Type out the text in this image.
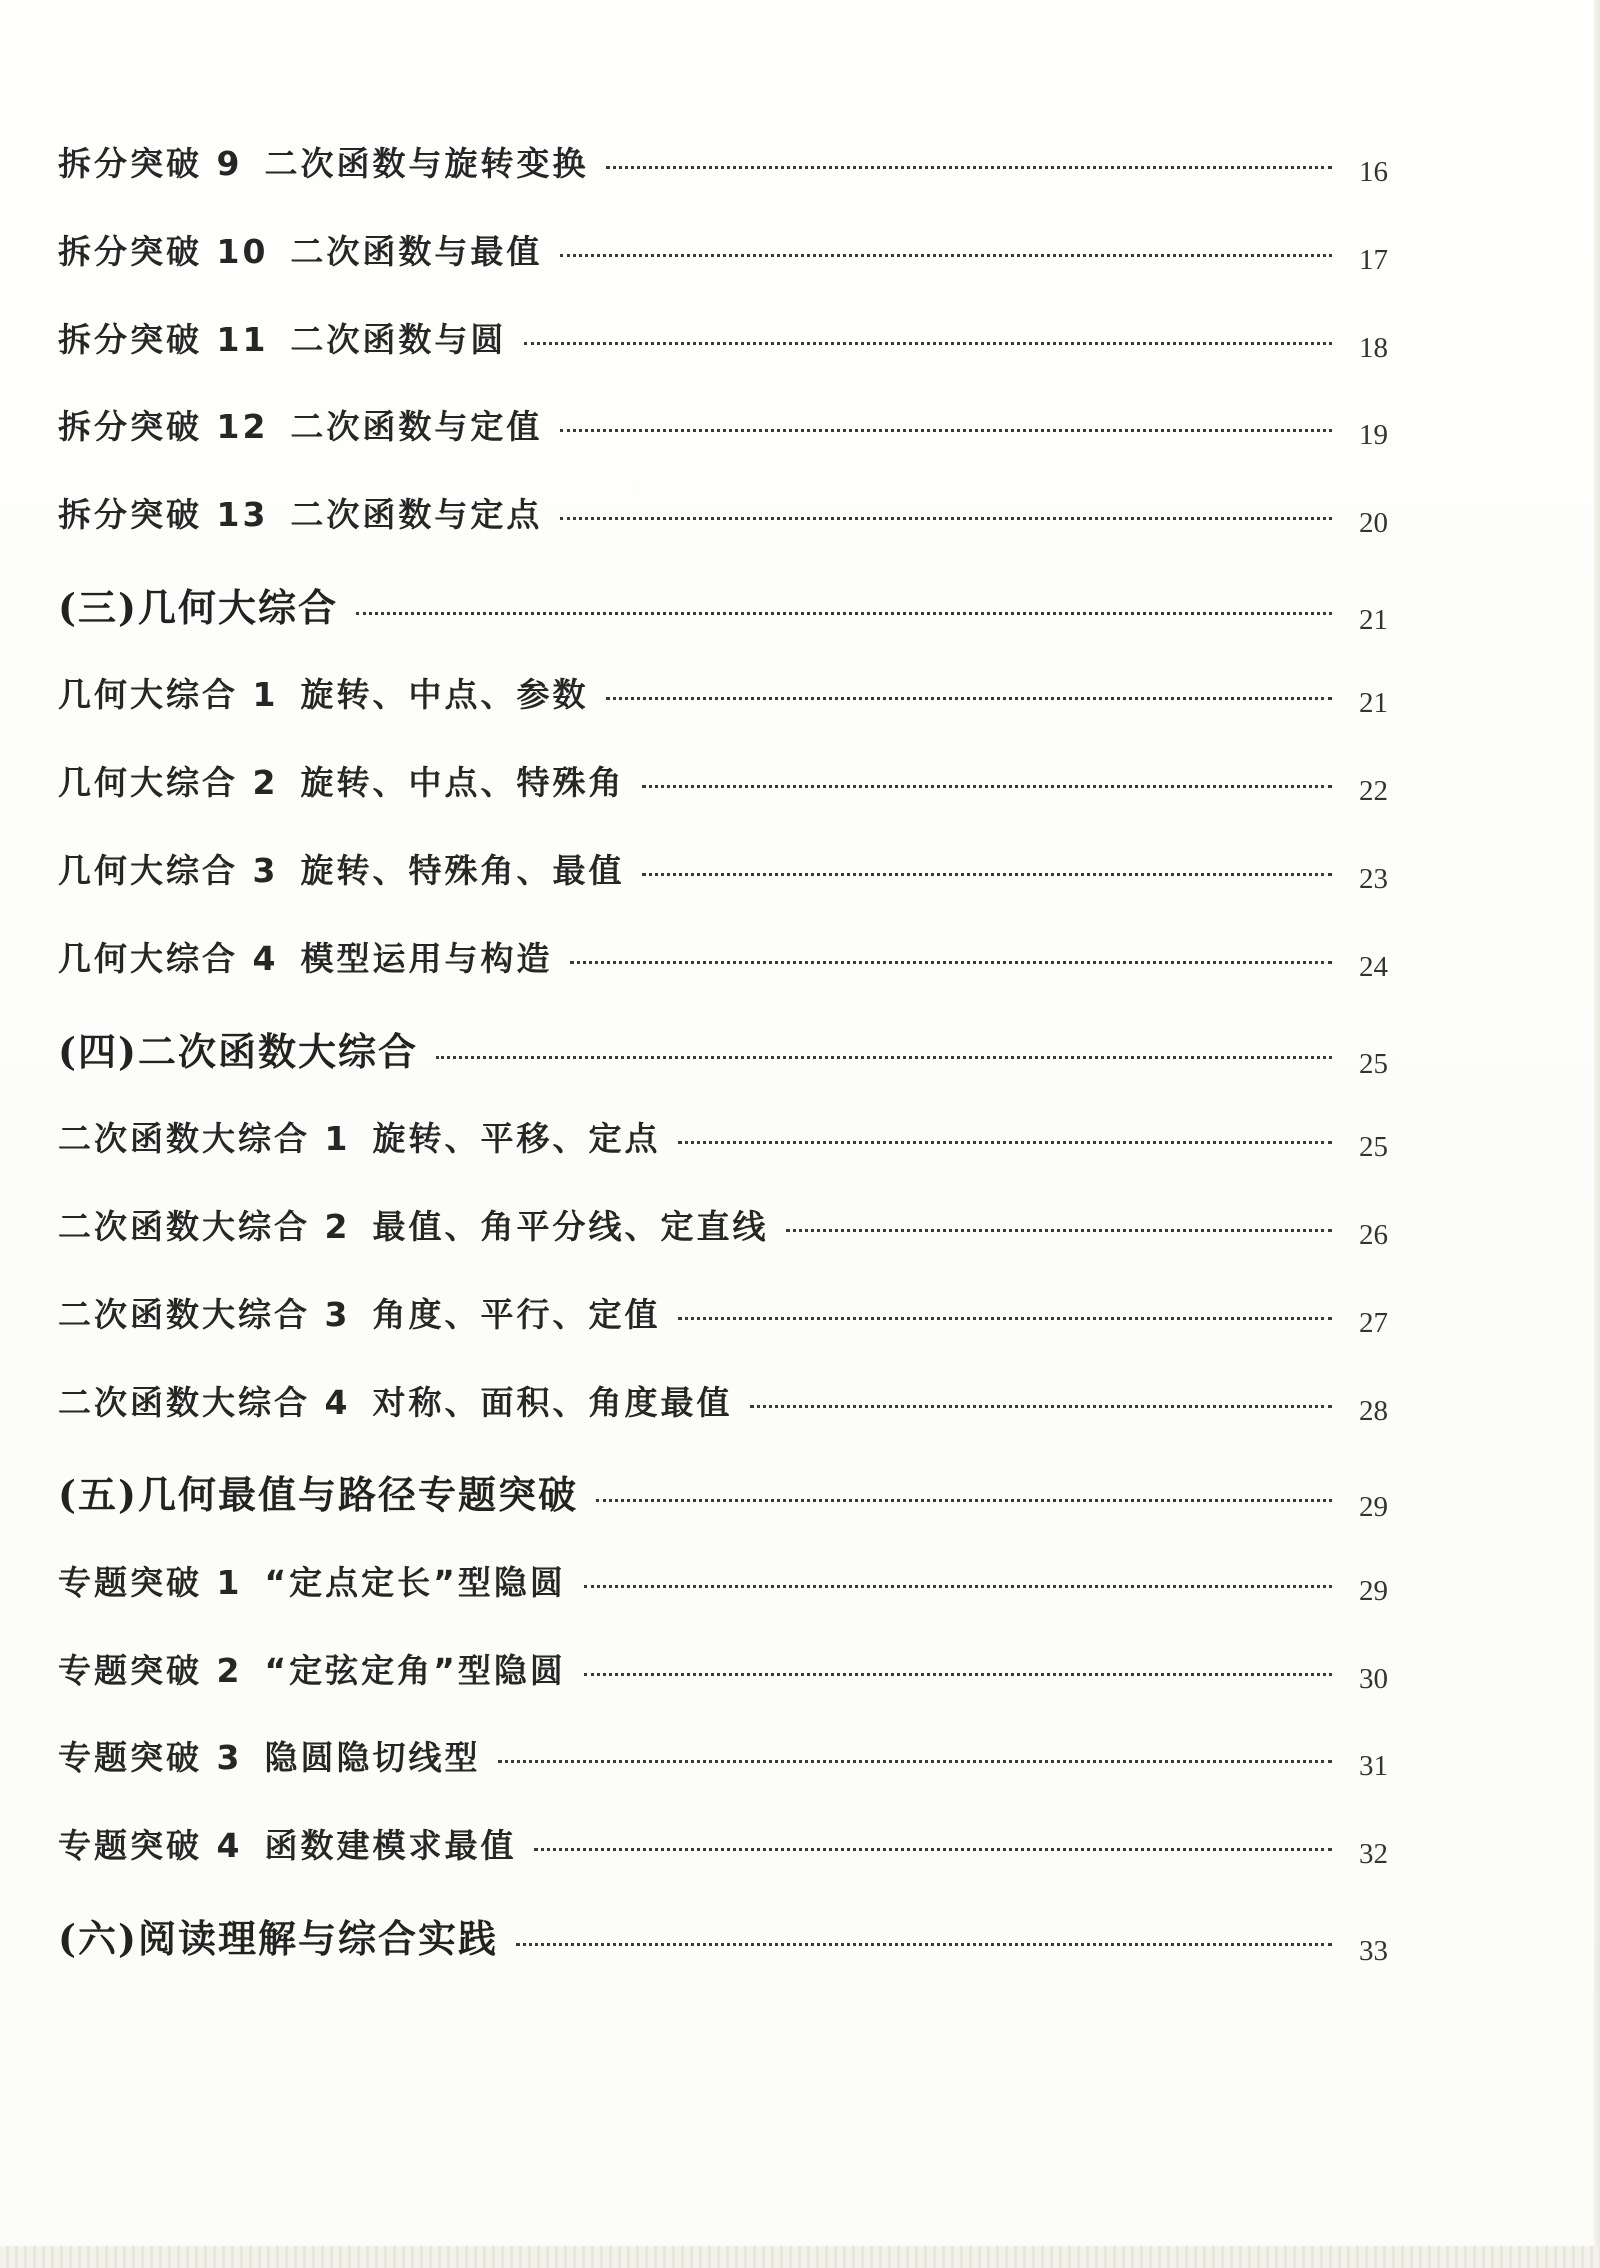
拆分突破 9 二次函数与旋转变换	16
拆分突破 10 二次函数与最值	17
拆分突破 11 二次函数与圆	18
拆分突破 12 二次函数与定值	19
拆分突破 13 二次函数与定点	20
(三)几何大综合	21
几何大综合 1 旋转、中点、参数	21
几何大综合 2 旋转、中点、特殊角	22
几何大综合 3 旋转、特殊角、最值	23
几何大综合 4 模型运用与构造	24
(四)二次函数大综合	25
二次函数大综合 1 旋转、平移、定点	25
二次函数大综合 2 最值、角平分线、定直线	26
二次函数大综合 3 角度、平行、定值	27
二次函数大综合 4 对称、面积、角度最值	28
(五)几何最值与路径专题突破	29
专题突破 1 “定点定长”型隐圆	29
专题突破 2 “定弦定角”型隐圆	30
专题突破 3 隐圆隐切线型	31
专题突破 4 函数建模求最值	32
(六)阅读理解与综合实践	33
